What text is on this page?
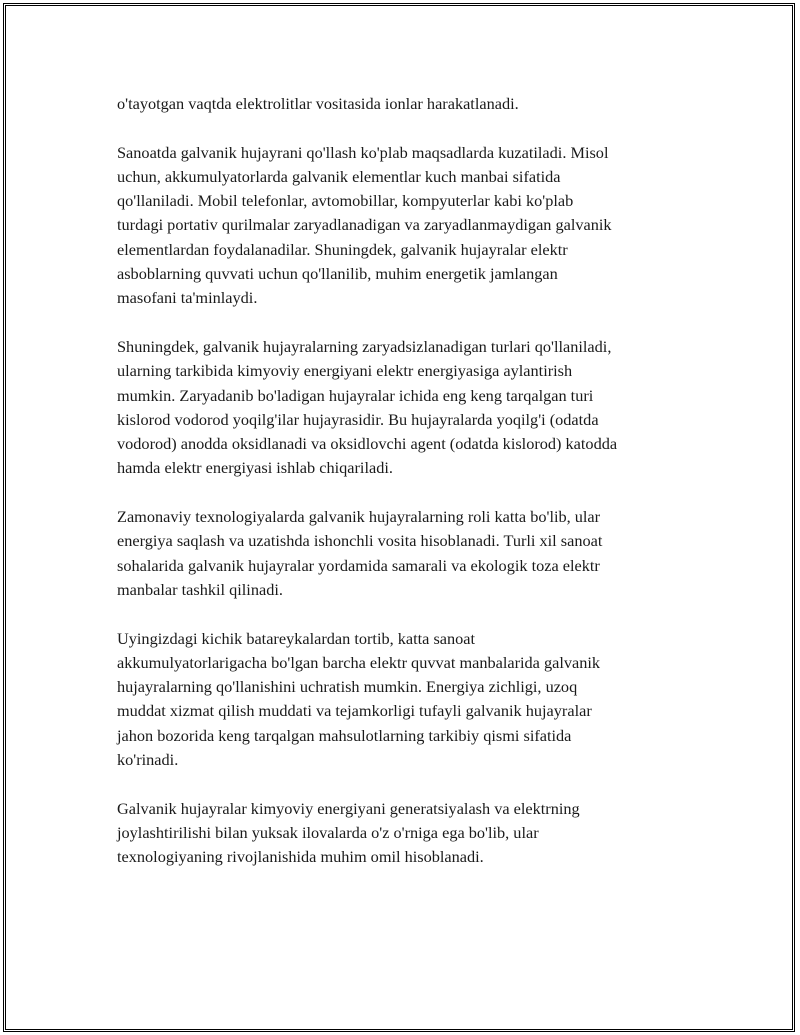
o'tayotgan vaqtda elektrolitlar vositasida ionlar harakatlanadi.

Sanoatda galvanik hujayrani qo'llash ko'plab maqsadlarda kuzatiladi. Misol
uchun, akkumulyatorlarda galvanik elementlar kuch manbai sifatida
qo'llaniladi. Mobil telefonlar, avtomobillar, kompyuterlar kabi ko'plab
turdagi portativ qurilmalar zaryadlanadigan va zaryadlanmaydigan galvanik
elementlardan foydalanadilar. Shuningdek, galvanik hujayralar elektr
asboblarning quvvati uchun qo'llanilib, muhim energetik jamlangan
masofani ta'minlaydi.

Shuningdek, galvanik hujayralarning zaryadsizlanadigan turlari qo'llaniladi,
ularning tarkibida kimyoviy energiyani elektr energiyasiga aylantirish
mumkin. Zaryadanib bo'ladigan hujayralar ichida eng keng tarqalgan turi
kislorod vodorod yoqilg'ilar hujayrasidir. Bu hujayralarda yoqilg'i (odatda
vodorod) anodda oksidlanadi va oksidlovchi agent (odatda kislorod) katodda
hamda elektr energiyasi ishlab chiqariladi.

Zamonaviy texnologiyalarda galvanik hujayralarning roli katta bo'lib, ular
energiya saqlash va uzatishda ishonchli vosita hisoblanadi. Turli xil sanoat
sohalarida galvanik hujayralar yordamida samarali va ekologik toza elektr
manbalar tashkil qilinadi.

Uyingizdagi kichik batareykalardan tortib, katta sanoat
akkumulyatorlarigacha bo'lgan barcha elektr quvvat manbalarida galvanik
hujayralarning qo'llanishini uchratish mumkin. Energiya zichligi, uzoq
muddat xizmat qilish muddati va tejamkorligi tufayli galvanik hujayralar
jahon bozorida keng tarqalgan mahsulotlarning tarkibiy qismi sifatida
ko'rinadi.

Galvanik hujayralar kimyoviy energiyani generatsiyalash va elektrning
joylashtirilishi bilan yuksak ilovalarda o'z o'rniga ega bo'lib, ular
texnologiyaning rivojlanishida muhim omil hisoblanadi.
